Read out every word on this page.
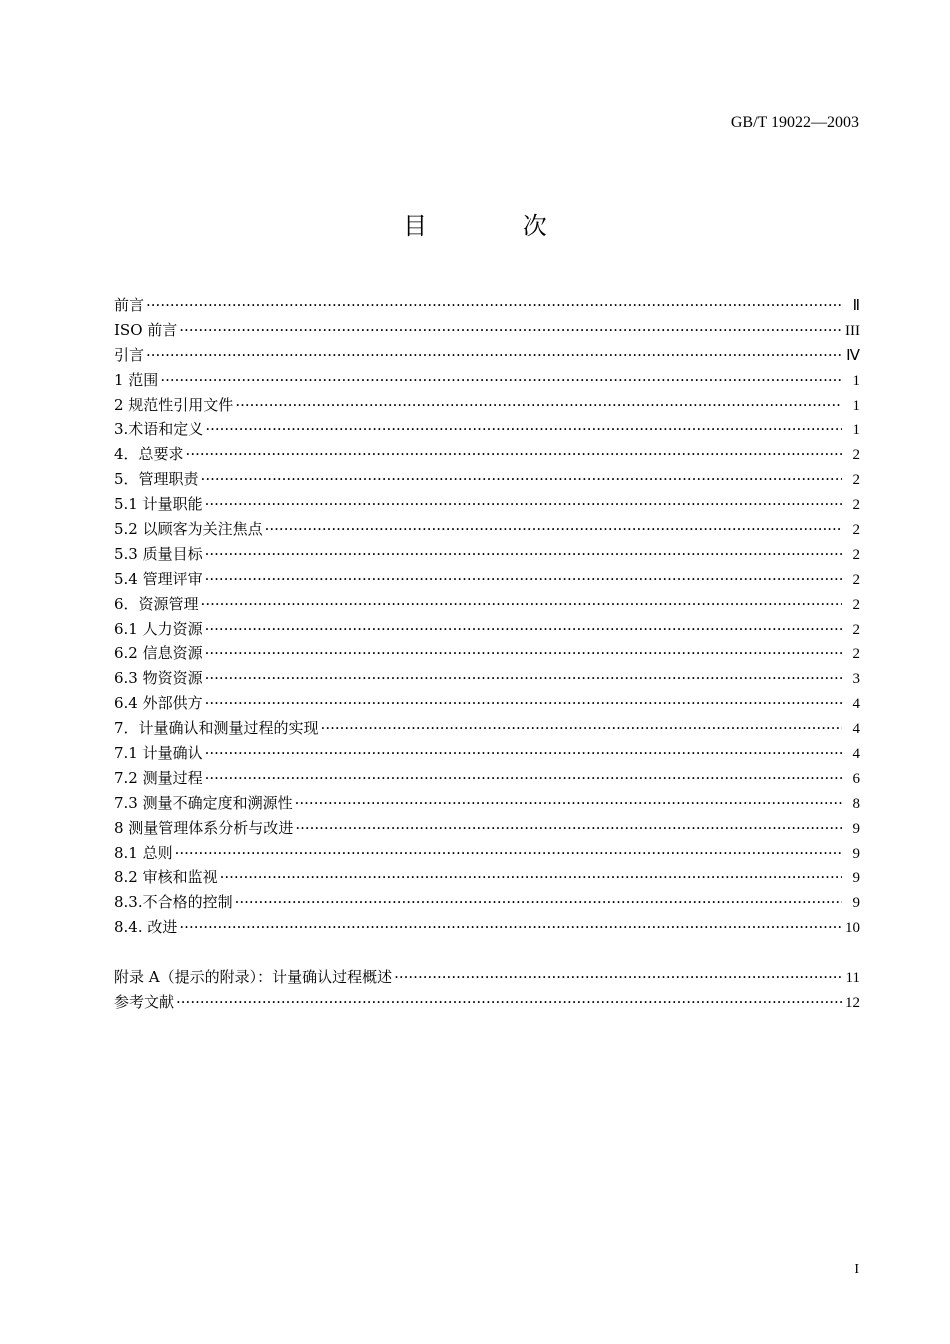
GB/T 19022—2003
目 次
前言 ·····	Ⅱ
ISO 前言 ·····	III
引言 ·····	Ⅳ
1 范围 ·····	1
2 规范性引用文件 ·····	1
3.术语和定义 ·····	1
4．总要求 ·····	2
5．管理职责 ·····	2
5.1 计量职能 ·····	2
5.2 以顾客为关注焦点 ·····	2
5.3 质量目标 ·····	2
5.4 管理评审 ·····	2
6．资源管理 ·····	2
6.1 人力资源 ·····	2
6.2 信息资源 ·····	2
6.3 物资资源 ·····	3
6.4 外部供方 ·····	4
7．计量确认和测量过程的实现 ·····	4
7.1 计量确认 ·····	4
7.2 测量过程 ·····	6
7.3 测量不确定度和溯源性 ·····	8
8 测量管理体系分析与改进 ·····	9
8.1 总则 ·····	9
8.2 审核和监视 ·····	9
8.3.不合格的控制 ·····	9
8.4. 改进 ·····	10
附录 A（提示的附录）：计量确认过程概述 ·····	11
参考文献 ·····	12
I
